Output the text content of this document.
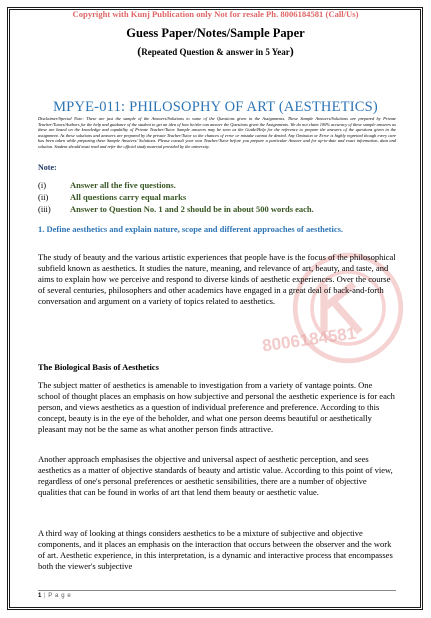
8006184581
Copyright with Kunj Publication only Not for resale Ph. 8006184581 (Call/Us)
Guess Paper/Notes/Sample Paper
(Repeated Question & answer in 5 Year)
MPYE-011: PHILOSOPHY OF ART (AESTHETICS)
Disclaimer/Special Note: These are just the sample of the Answers/Solutions to some of the Questions given in the Assignments. These Sample Answers/Solutions are prepared by Private Teacher/Tutors/Authors for the help and guidance of the student to get an idea of how he/she can answer the Questions given the Assignments. We do not claim 100% accuracy of these sample answers as these are based on the knowledge and capability of Private Teacher/Tutor. Sample answers may be seen as the Guide/Help for the reference to prepare the answers of the questions given in the assignment. As these solutions and answers are prepared by the private Teacher/Tutor so the chances of error or mistake cannot be denied. Any Omission or Error is highly regretted though every care has been taken while preparing these Sample Answers/ Solutions. Please consult your own Teacher/Tutor before you prepare a particular Answer and for up-to-date and exact information, data and solution. Student should must read and refer the official study material provided by the university.
Note:
(i)	Answer all the five questions.
(ii)	All questions carry equal marks
(iii) Answer to Question No. 1 and 2 should be in about 500 words each.
1. Define aesthetics and explain nature, scope and different approaches of aesthetics.
The study of beauty and the various artistic experiences that people have is the focus of the philosophical subfield known as aesthetics. It studies the nature, meaning, and relevance of art, beauty, and taste, and aims to explain how we perceive and respond to diverse kinds of aesthetic experiences. Over the course of several centuries, philosophers and other academics have engaged in a great deal of back-and-forth conversation and argument on a variety of topics related to aesthetics.
The Biological Basis of Aesthetics
The subject matter of aesthetics is amenable to investigation from a variety of vantage points. One school of thought places an emphasis on how subjective and personal the aesthetic experience is for each person, and views aesthetics as a question of individual preference and preference. According to this concept, beauty is in the eye of the beholder, and what one person deems beautiful or aesthetically pleasant may not be the same as what another person finds attractive.
Another approach emphasises the objective and universal aspect of aesthetic perception, and sees aesthetics as a matter of objective standards of beauty and artistic value. According to this point of view, regardless of one's personal preferences or aesthetic sensibilities, there are a number of objective qualities that can be found in works of art that lend them beauty or aesthetic value.
A third way of looking at things considers aesthetics to be a mixture of subjective and objective components, and it places an emphasis on the interaction that occurs between the observer and the work of art. Aesthetic experience, in this interpretation, is a dynamic and interactive process that encompasses both the viewer's subjective
1 | P a g e
